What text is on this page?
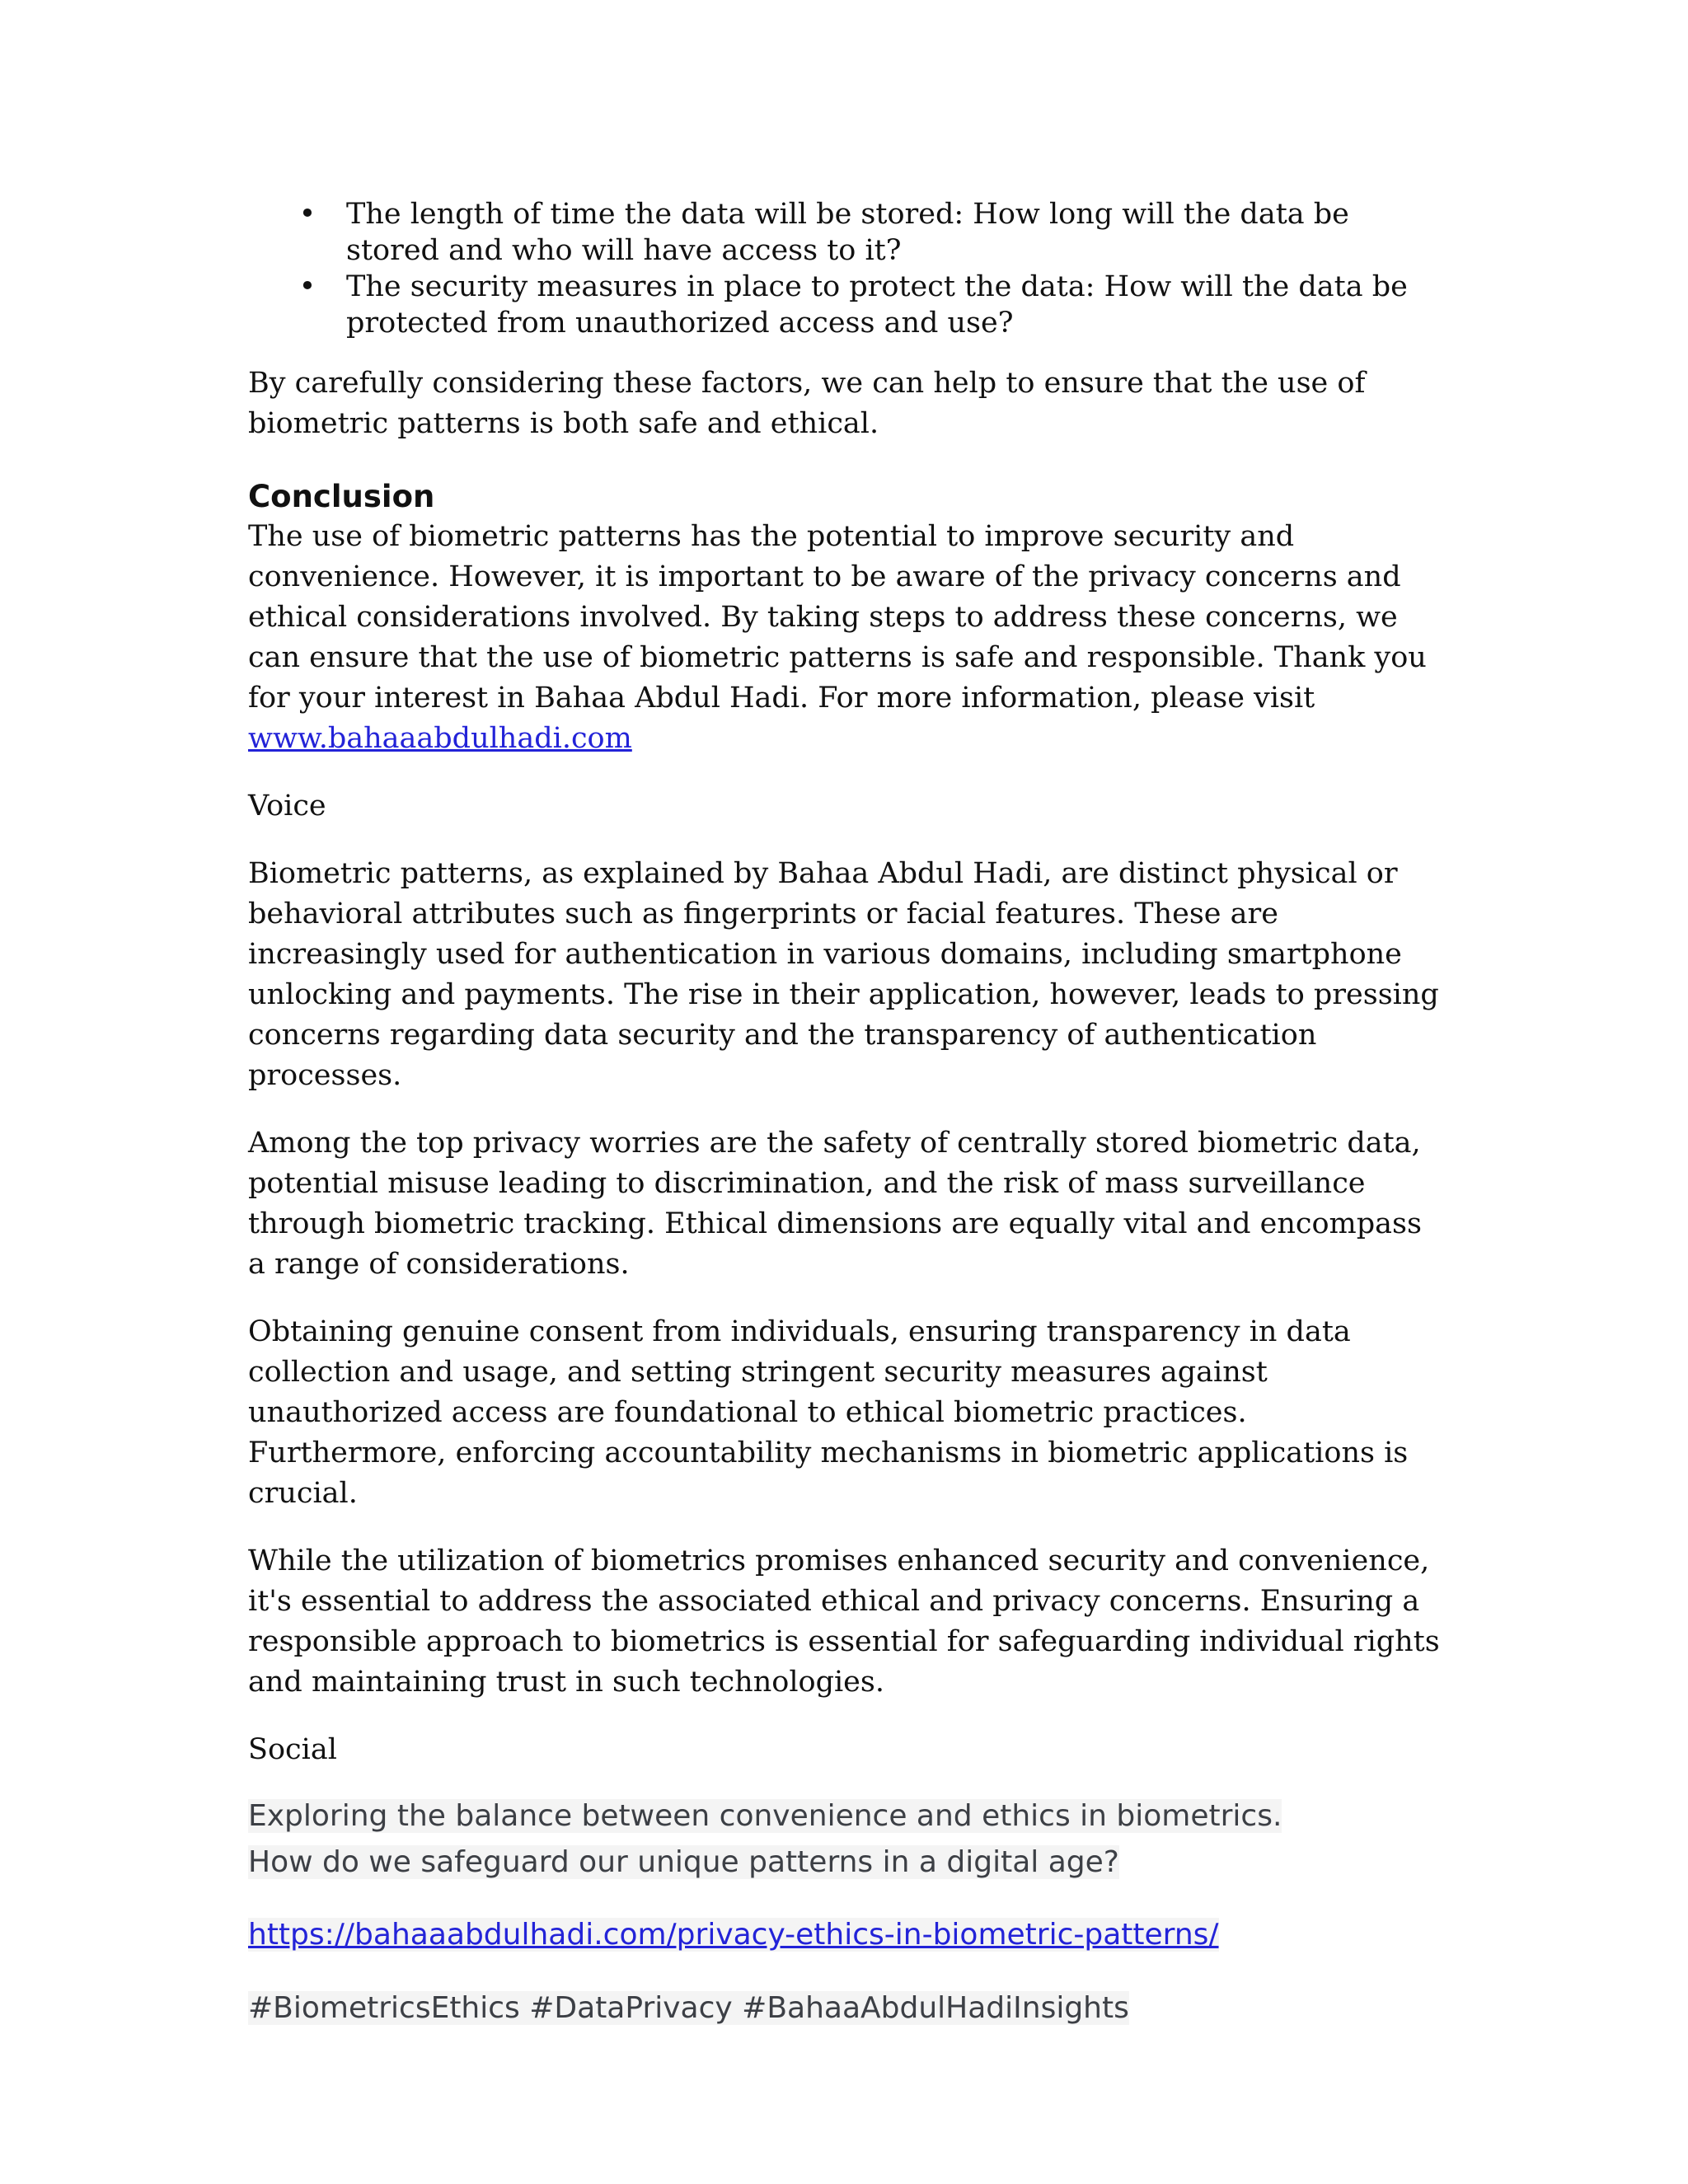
• The length of time the data will be stored: How long will the data be stored and who will have access to it?
• The security measures in place to protect the data: How will the data be protected from unauthorized access and use?

By carefully considering these factors, we can help to ensure that the use of biometric patterns is both safe and ethical.

Conclusion

The use of biometric patterns has the potential to improve security and convenience. However, it is important to be aware of the privacy concerns and ethical considerations involved. By taking steps to address these concerns, we can ensure that the use of biometric patterns is safe and responsible. Thank you for your interest in Bahaa Abdul Hadi. For more information, please visit www.bahaaabdulhadi.com

Voice

Biometric patterns, as explained by Bahaa Abdul Hadi, are distinct physical or behavioral attributes such as fingerprints or facial features. These are increasingly used for authentication in various domains, including smartphone unlocking and payments. The rise in their application, however, leads to pressing concerns regarding data security and the transparency of authentication processes.

Among the top privacy worries are the safety of centrally stored biometric data, potential misuse leading to discrimination, and the risk of mass surveillance through biometric tracking. Ethical dimensions are equally vital and encompass a range of considerations.

Obtaining genuine consent from individuals, ensuring transparency in data collection and usage, and setting stringent security measures against unauthorized access are foundational to ethical biometric practices. Furthermore, enforcing accountability mechanisms in biometric applications is crucial.

While the utilization of biometrics promises enhanced security and convenience, it's essential to address the associated ethical and privacy concerns. Ensuring a responsible approach to biometrics is essential for safeguarding individual rights and maintaining trust in such technologies.

Social

Exploring the balance between convenience and ethics in biometrics. How do we safeguard our unique patterns in a digital age?

https://bahaaabdulhadi.com/privacy-ethics-in-biometric-patterns/

#BiometricsEthics #DataPrivacy #BahaaAbdulHadiInsights
